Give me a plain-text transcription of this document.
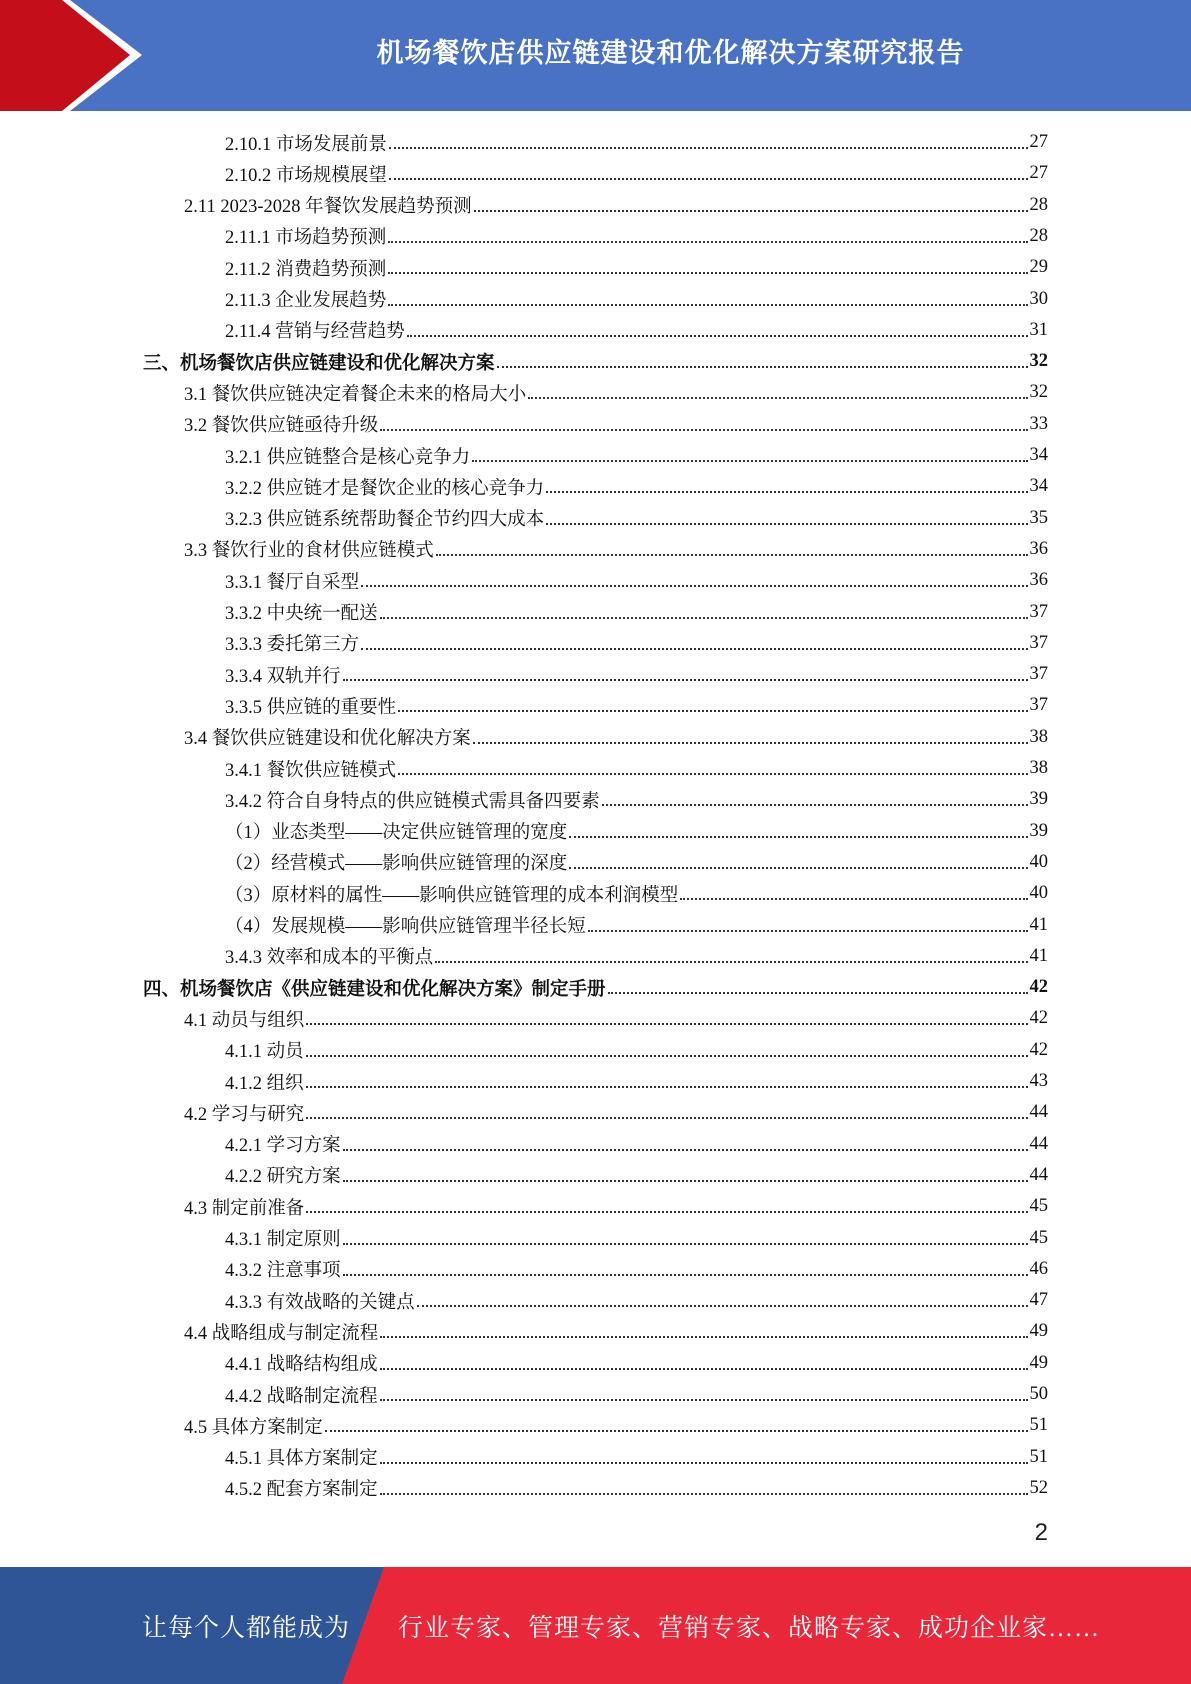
机场餐饮店供应链建设和优化解决方案研究报告
2.10.1 市场发展前景	27
2.10.2 市场规模展望	27
2.11 2023-2028 年餐饮发展趋势预测	28
2.11.1 市场趋势预测	28
2.11.2 消费趋势预测	29
2.11.3 企业发展趋势	30
2.11.4 营销与经营趋势	31
三、机场餐饮店供应链建设和优化解决方案	32
3.1 餐饮供应链决定着餐企未来的格局大小	32
3.2 餐饮供应链亟待升级	33
3.2.1 供应链整合是核心竞争力	34
3.2.2 供应链才是餐饮企业的核心竞争力	34
3.2.3 供应链系统帮助餐企节约四大成本	35
3.3 餐饮行业的食材供应链模式	36
3.3.1 餐厅自采型	36
3.3.2 中央统一配送	37
3.3.3 委托第三方	37
3.3.4 双轨并行	37
3.3.5 供应链的重要性	37
3.4 餐饮供应链建设和优化解决方案	38
3.4.1 餐饮供应链模式	38
3.4.2 符合自身特点的供应链模式需具备四要素	39
（1）业态类型——决定供应链管理的宽度	39
（2）经营模式——影响供应链管理的深度	40
（3）原材料的属性——影响供应链管理的成本利润模型	40
（4）发展规模——影响供应链管理半径长短	41
3.4.3 效率和成本的平衡点	41
四、机场餐饮店《供应链建设和优化解决方案》制定手册	42
4.1 动员与组织	42
4.1.1 动员	42
4.1.2 组织	43
4.2 学习与研究	44
4.2.1 学习方案	44
4.2.2 研究方案	44
4.3 制定前准备	45
4.3.1 制定原则	45
4.3.2 注意事项	46
4.3.3 有效战略的关键点	47
4.4 战略组成与制定流程	49
4.4.1 战略结构组成	49
4.4.2 战略制定流程	50
4.5 具体方案制定	51
4.5.1 具体方案制定	51
4.5.2 配套方案制定	52
2
让每个人都能成为 行业专家、管理专家、营销专家、战略专家、成功企业家……
